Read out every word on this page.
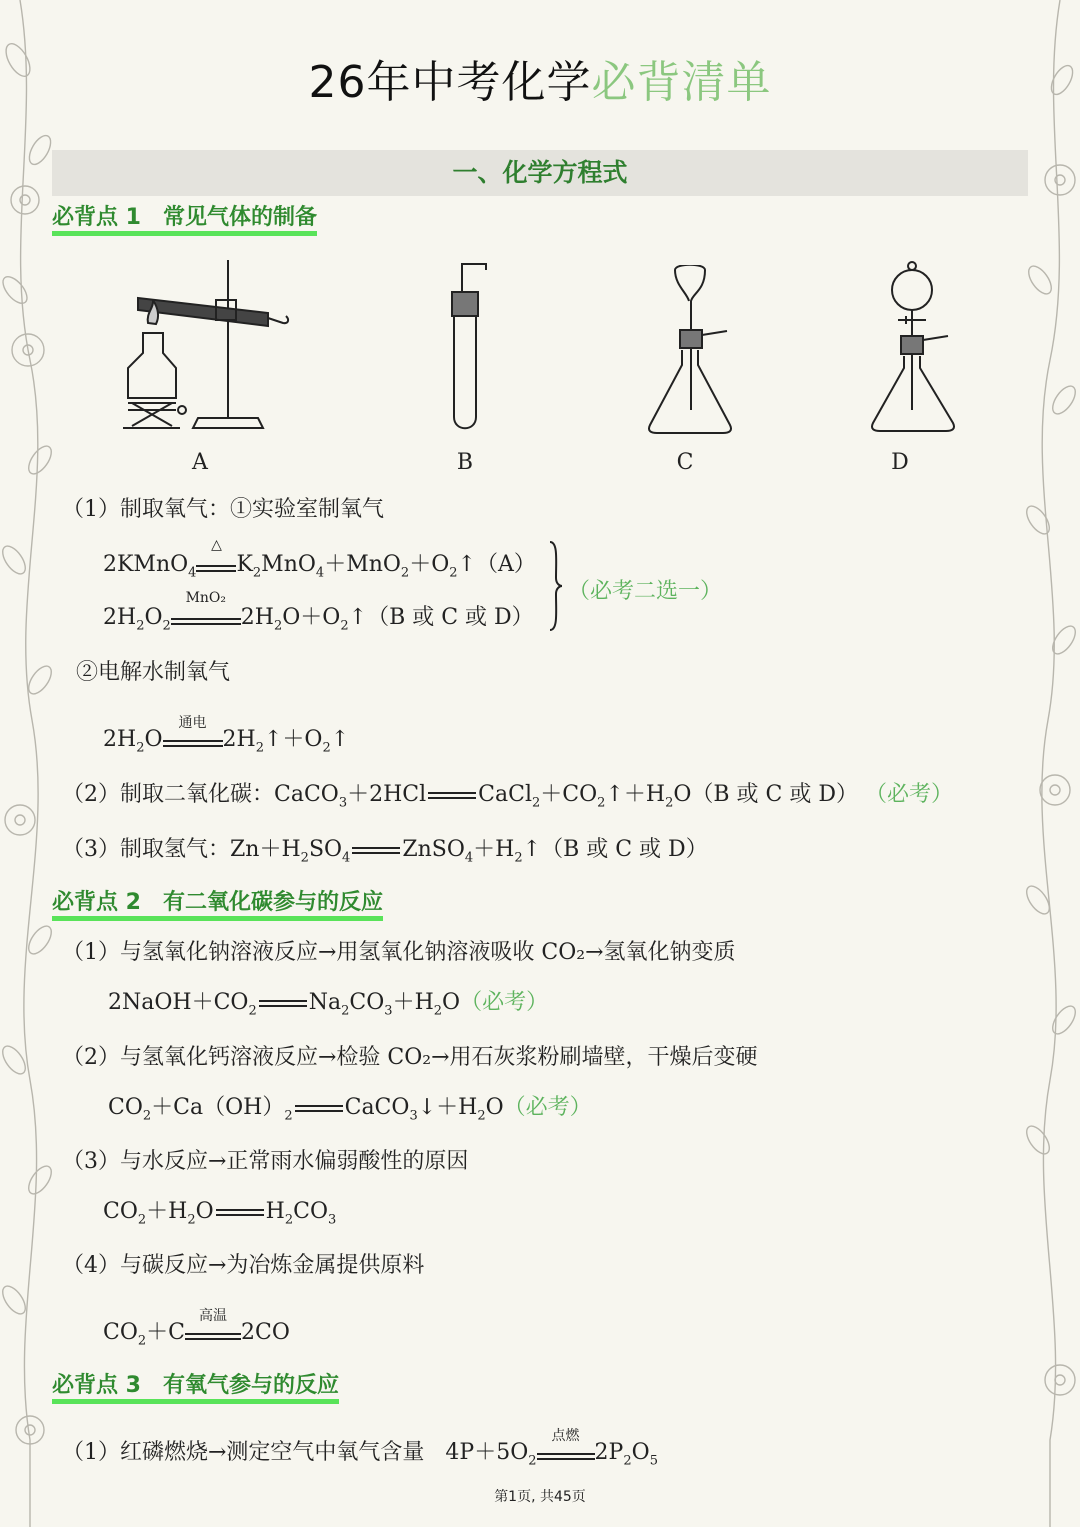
26年中考化学必背清单
一、化学方程式
必背点 1 常见气体的制备
A	B	C	D
（1）制取氧气：①实验室制氧气
2KMnO$_4$
△
$K_2MnO_4+MnO_2+O_2↑(A)$
$2H_2O_2$
MnO₂
$2H_2O+O_2↑(B$ 或 C 或 D）
（必考二选一）
②电解水制氧气
$2H_2O$
通电
$2H_2↑+O_2↑$
（2）制取二氧化碳：CaCO$_3$＋2HCl $CaCl_2+CO_2↑+H_2O(B$ 或 C 或 D） （必考）
（3）制取氢气：$Zn+H_2SO_4$ $ZnSO_4+H_2↑(B$ 或 C 或 D）
必背点 2 有二氧化碳参与的反应
（1）与氢氧化钠溶液反应→用氢氧化钠溶液吸收 CO₂→氢氧化钠变质
$2NaOH+CO_2$ $Na_2CO_3+H_2O$（必考）
（2）与氢氧化钙溶液反应→检验 CO₂→用石灰浆粉刷墙壁，干燥后变硬
$CO_2+Ca(OH)_2$ $CaCO_3↓+H_2O$（必考）
（3）与水反应→正常雨水偏弱酸性的原因
$CO_2+H_2O$ $H_2CO_3$
（4）与碳反应→为冶炼金属提供原料
$CO_2+C$
高温
2CO
必背点 3 有氧气参与的反应
（1）红磷燃烧→测定空气中氧气含量   $4P+5O_2$
点燃
$2P_2O_5$
第1页, 共45页
